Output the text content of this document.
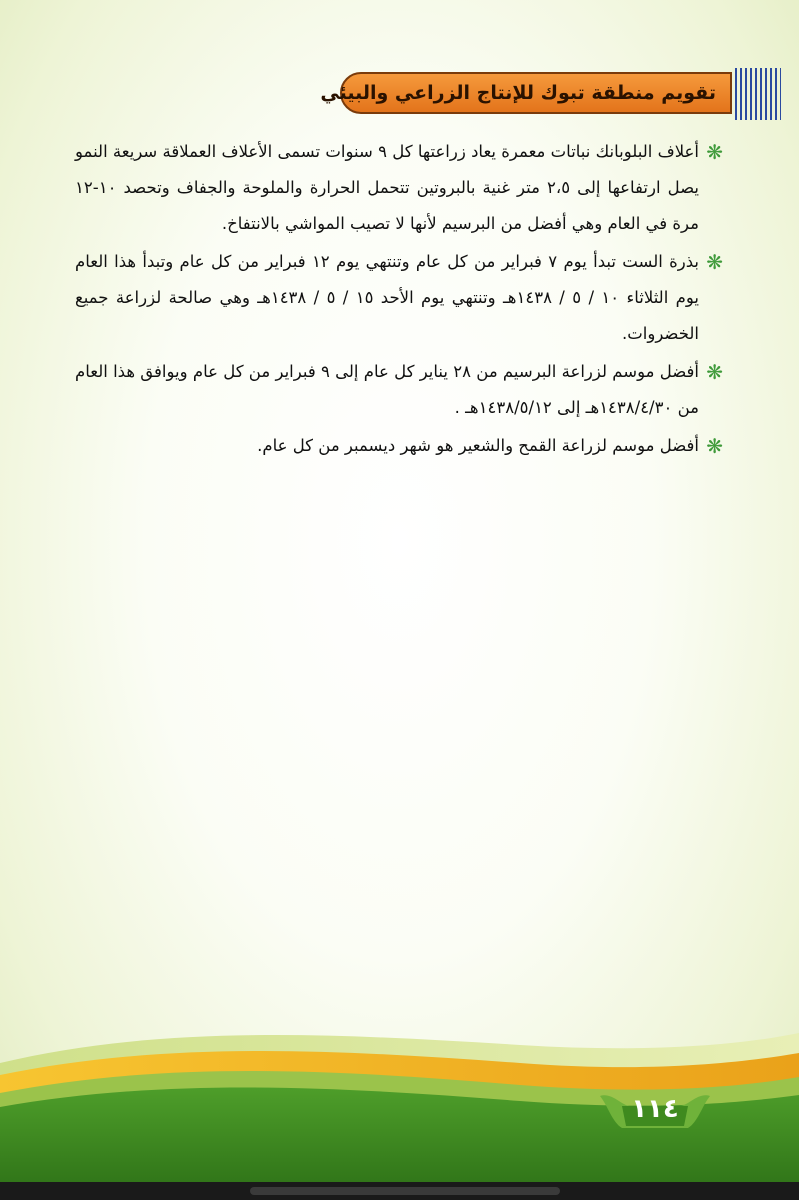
تقويم منطقة تبوك للإنتاج الزراعي والبيئي
❋
أعلاف البلوبانك نباتات معمرة يعاد زراعتها كل ٩ سنوات تسمى الأعلاف العملاقة سريعة النمو يصل ارتفاعها إلى ٢،٥ متر غنية بالبروتين تتحمل الحرارة والملوحة والجفاف وتحصد ١٠-١٢ مرة في العام وهي أفضل من البرسيم لأنها لا تصيب المواشي بالانتفاخ.
❋
بذرة الست تبدأ يوم ٧ فبراير من كل عام وتنتهي يوم ١٢ فبراير من كل عام وتبدأ هذا العام يوم الثلاثاء ١٠ / ٥ / ١٤٣٨هـ وتنتهي يوم الأحد ١٥ / ٥ / ١٤٣٨هـ وهي صالحة لزراعة جميع الخضروات.
❋
أفضل موسم لزراعة البرسيم من ٢٨ يناير كل عام إلى ٩ فبراير من كل عام ويوافق هذا العام من ١٤٣٨/٤/٣٠هـ إلى ١٤٣٨/٥/١٢هـ .
❋
أفضل موسم لزراعة القمح والشعير هو شهر ديسمبر من كل عام.
١١٤
